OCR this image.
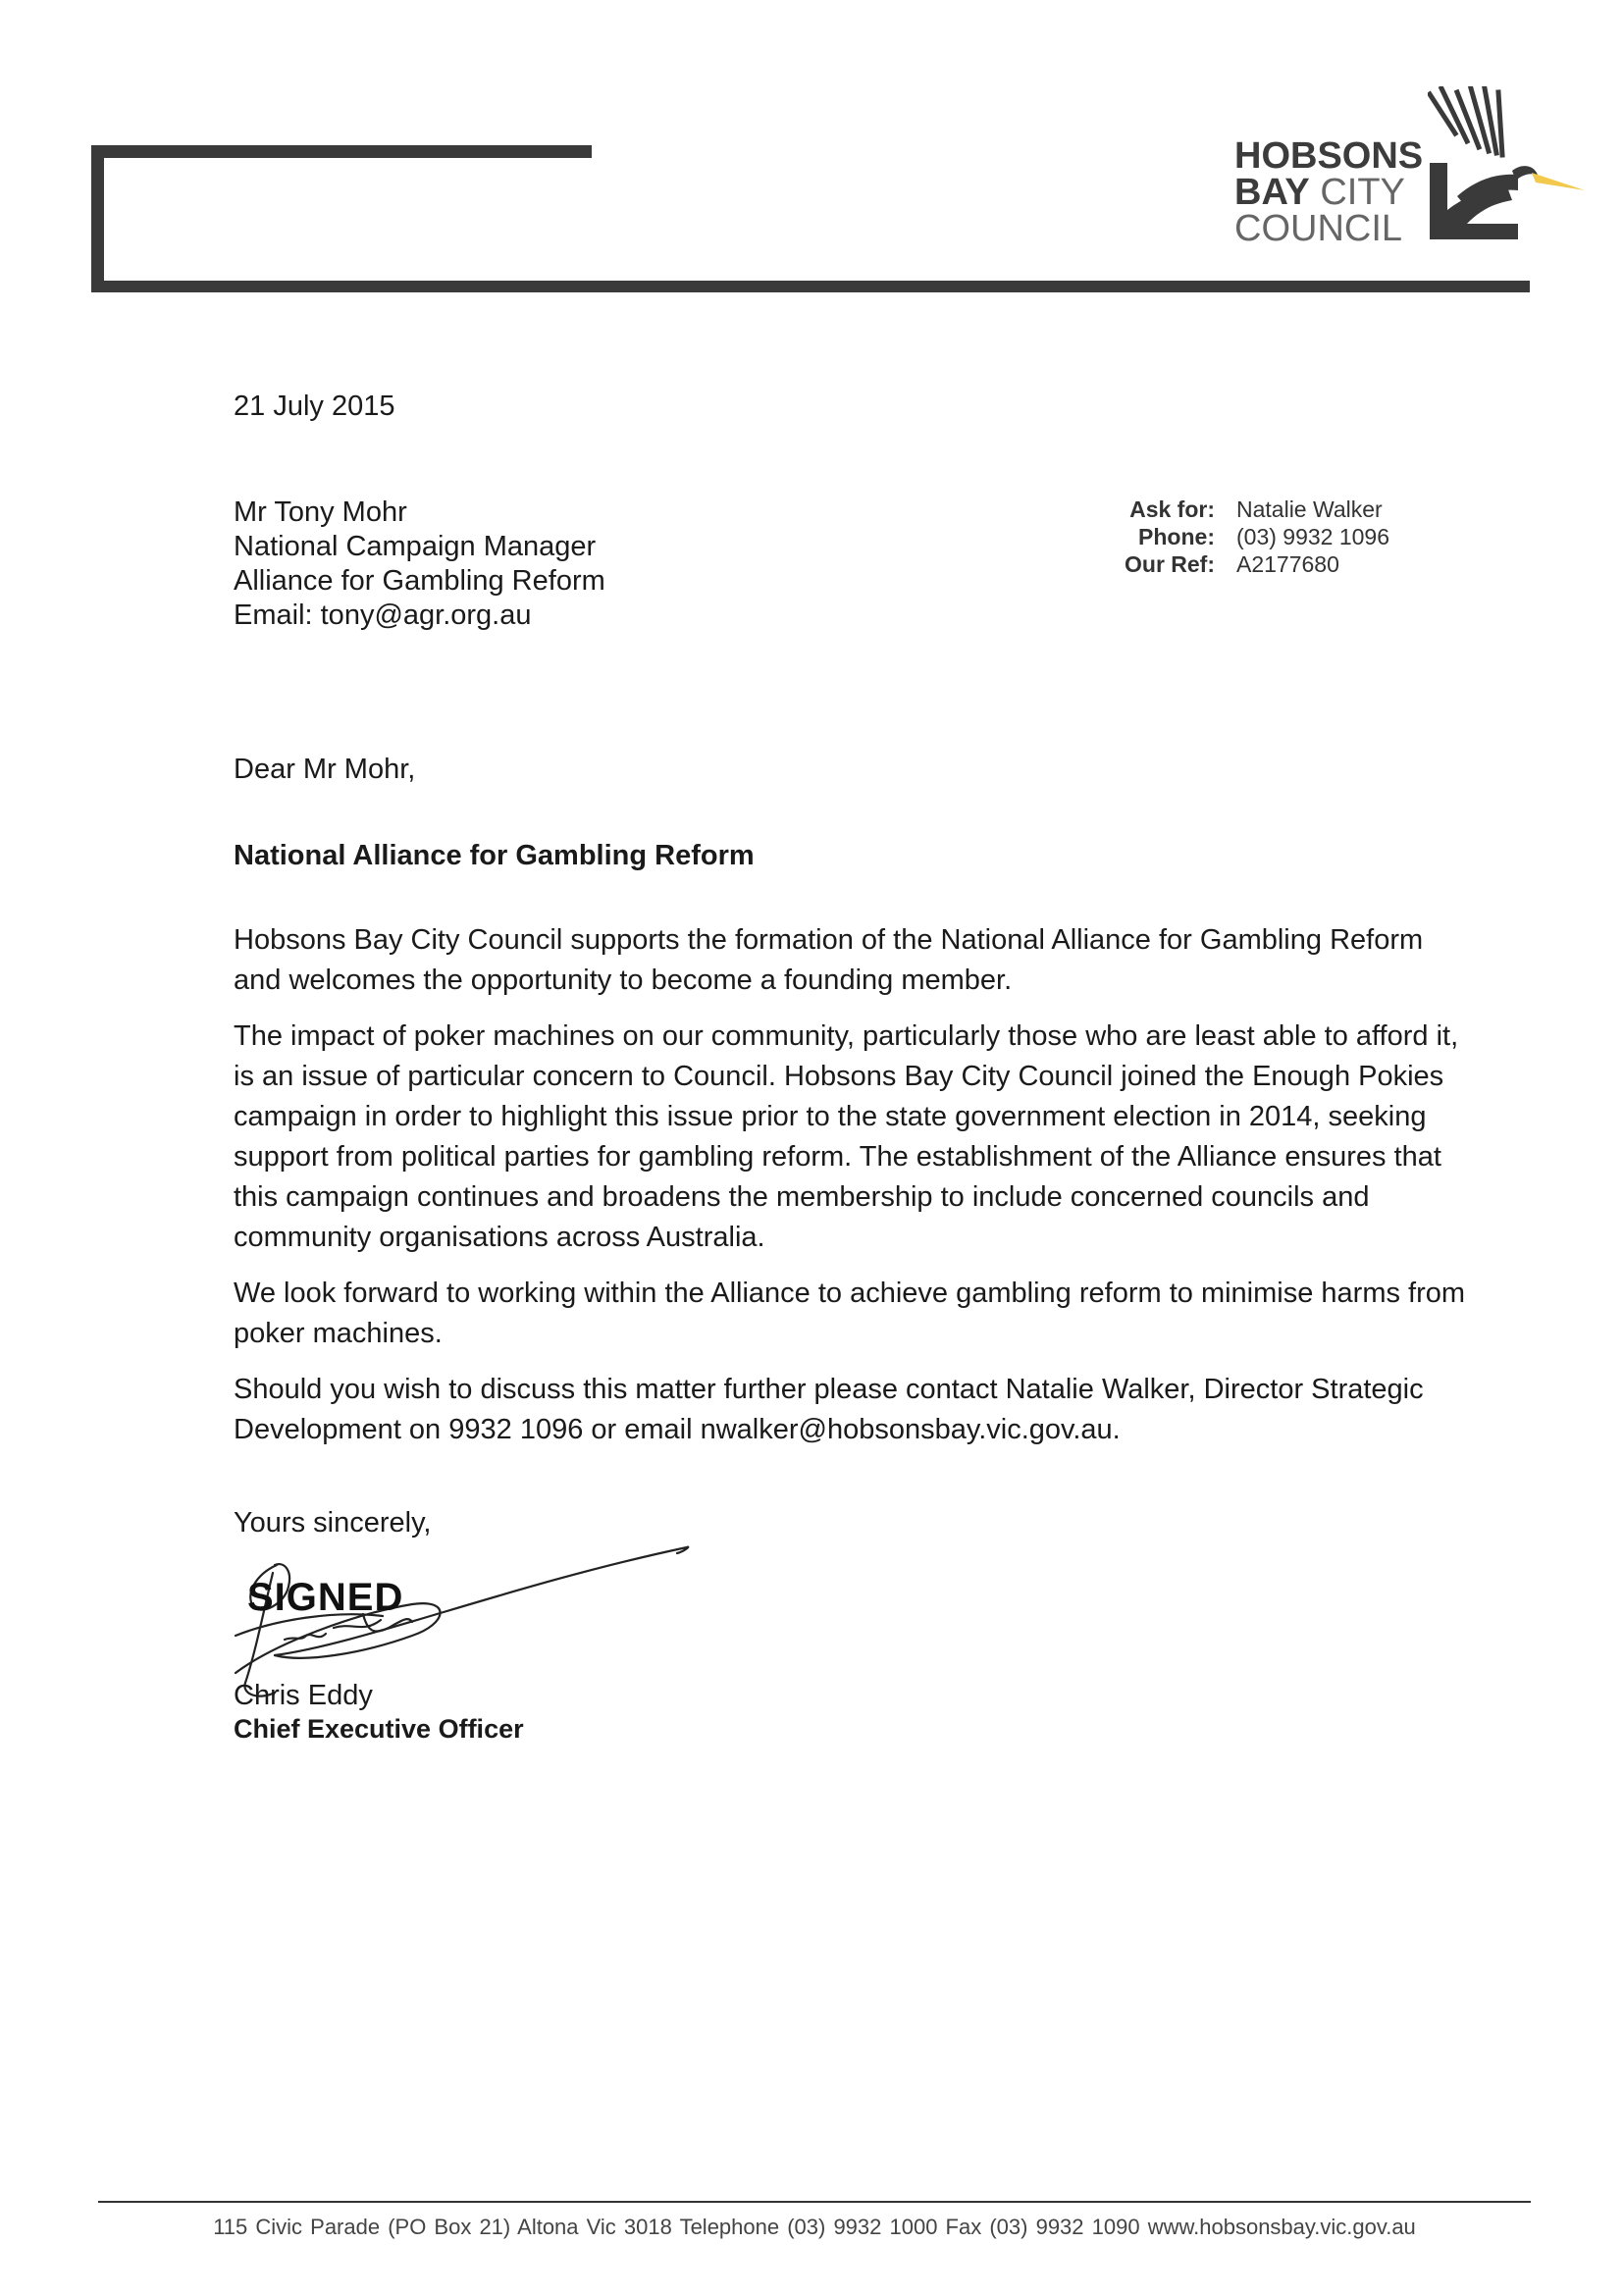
HOBSONS
BAY CITY
COUNCIL
21 July 2015
Mr Tony Mohr
National Campaign Manager
Alliance for Gambling Reform
Email: tony@agr.org.au
Ask for: Natalie Walker
Phone: (03) 9932 1096
Our Ref: A2177680
Dear Mr Mohr,
National Alliance for Gambling Reform

Hobsons Bay City Council supports the formation of the National Alliance for Gambling Reform and welcomes the opportunity to become a founding member.

The impact of poker machines on our community, particularly those who are least able to afford it, is an issue of particular concern to Council. Hobsons Bay City Council joined the Enough Pokies campaign in order to highlight this issue prior to the state government election in 2014, seeking support from political parties for gambling reform. The establishment of the Alliance ensures that this campaign continues and broadens the membership to include concerned councils and community organisations across Australia.

We look forward to working within the Alliance to achieve gambling reform to minimise harms from poker machines.

Should you wish to discuss this matter further please contact Natalie Walker, Director Strategic Development on 9932 1096 or email nwalker@hobsonsbay.vic.gov.au.

Yours sincerely,
SIGNED
Chris Eddy
Chief Executive Officer
115 Civic Parade (PO Box 21) Altona Vic 3018 Telephone (03) 9932 1000 Fax (03) 9932 1090 www.hobsonsbay.vic.gov.au
